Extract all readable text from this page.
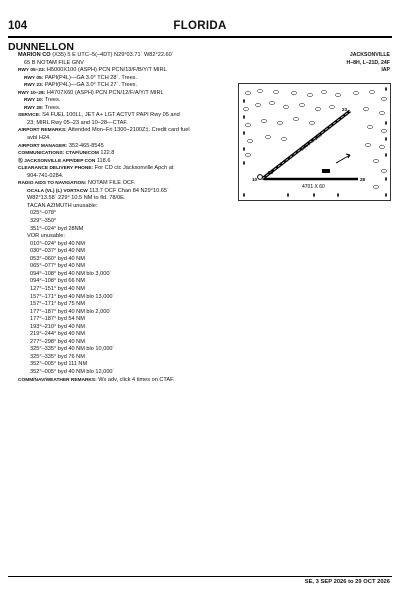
104	FLORIDA
DUNNELLON
JACKSONVILLE
H–8H, L–21D, 24F
IAP
MARION CO (X35) 5 E UTC–5(–4DT) N29°03.71´ W82°22.60´
65 B NOTAM FILE GNV
RWY 05–23: H5000X100 (ASPH) PCN PCN/13/F/B/Y/T MIRL
RWY 05: PAPI(P4L)—GA 3.0° TCH 28´. Trees.
RWY 23: PAPI(P4L)—GA 3.0° TCH 27´. Trees.
RWY 10–28: H4707X60 (ASPH) PCN PCN/12/F/A/Y/T MIRL
RWY 10: Trees.
RWY 28: Trees.
SERVICE: S4 FUEL 100LL, JET A+ LGT ACTVT PAPI Rwy 05 and
23; MIRL Rwy 05–23 and 10–28—CTAF.
AIRPORT REMARKS: Attended Mon–Fri 1300–2100Z‡. Credit card fuel
avbl H24.
AIRPORT MANAGER: 352-465-8545
COMMUNICATIONS: CTAF/UNICOM 122.8
Ⓡ JACKSONVILLE APP/DEP CON 118.6
CLEARANCE DELIVERY PHONE: For CD ctc Jacksonville Apch at
904-741-0284.
RADIO AIDS TO NAVIGATION: NOTAM FILE OCF.
OCALA (VL) (L) VORTACW 113.7 OCF Chan 84 N29°10.65´
W82°13.58´ 229° 10.5 NM to fld. 78/0E.
TACAN AZIMUTH unusable:
025°–078°
329°–350°
351°–024° byd 28NM
VOR unusable:
010°–024° byd 40 NM
030°–037° byd 40 NM
053°–060° byd 40 NM
065°–077° byd 40 NM
094°–108° byd 40 NM blo 3,000´
094°–108° byd 66 NM
127°–151° byd 40 NM
157°–171° byd 40 NM blo 13,000´
157°–171° byd 75 NM
177°–187° byd 40 NM blo 2,000´
177°–187° byd 54 NM
193°–210° byd 40 NM
219°–244° byd 40 NM
277°–298° byd 40 NM
325°–335° byd 40 NM blo 10,000´
325°–335° byd 76 NM
352°–005° byd 111 NM
352°–005° byd 40 NM blo 12,000´
COMM/NAV/WEATHER REMARKS: Wx adv, click 4 times on CTAF.
5000 X 100
4701 X 60
05
23
10	28
SE, 3 SEP 2026 to 29 OCT 2026
